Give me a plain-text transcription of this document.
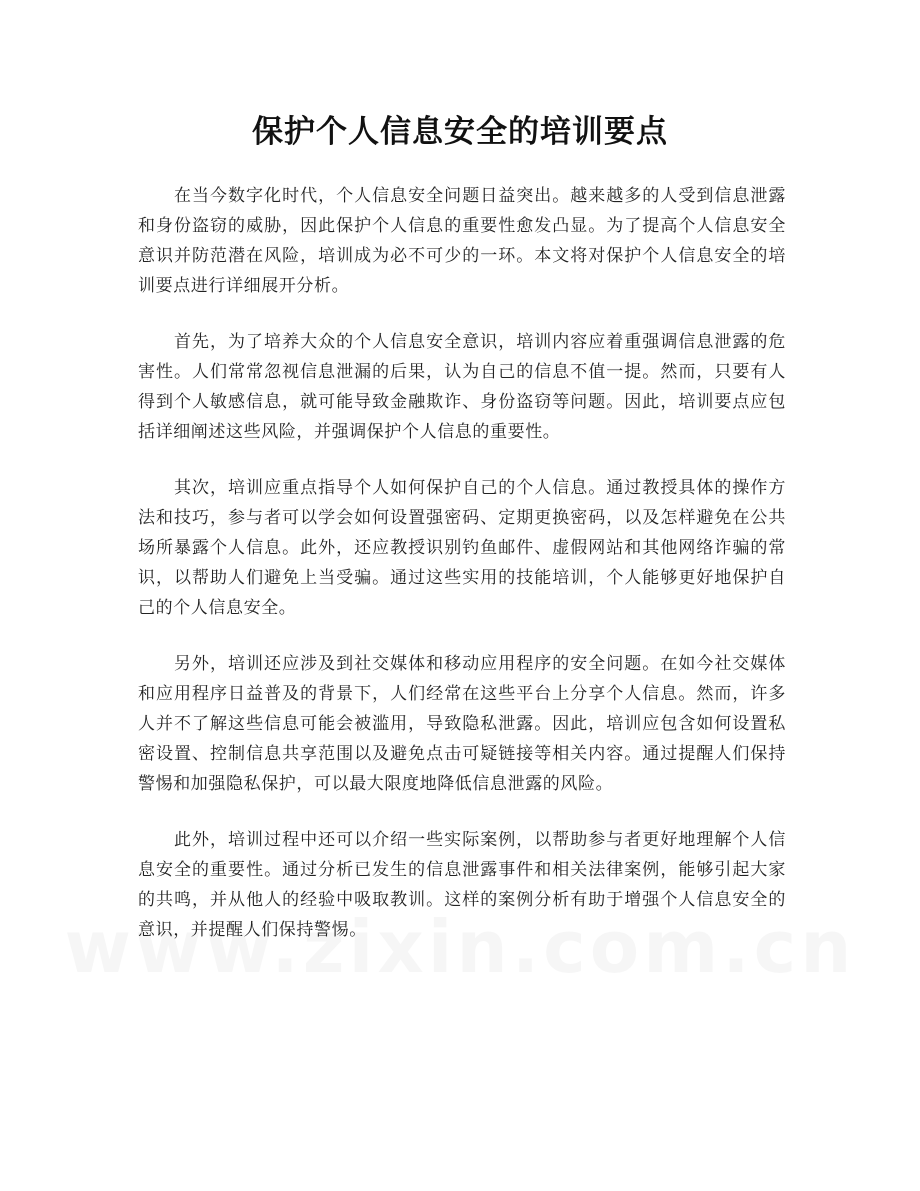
保护个人信息安全的培训要点

在当今数字化时代，个人信息安全问题日益突出。越来越多的人受到信息泄露和身份盗窃的威胁，因此保护个人信息的重要性愈发凸显。为了提高个人信息安全意识并防范潜在风险，培训成为必不可少的一环。本文将对保护个人信息安全的培训要点进行详细展开分析。

首先，为了培养大众的个人信息安全意识，培训内容应着重强调信息泄露的危害性。人们常常忽视信息泄漏的后果，认为自己的信息不值一提。然而，只要有人得到个人敏感信息，就可能导致金融欺诈、身份盗窃等问题。因此，培训要点应包括详细阐述这些风险，并强调保护个人信息的重要性。

其次，培训应重点指导个人如何保护自己的个人信息。通过教授具体的操作方法和技巧，参与者可以学会如何设置强密码、定期更换密码，以及怎样避免在公共场所暴露个人信息。此外，还应教授识别钓鱼邮件、虚假网站和其他网络诈骗的常识，以帮助人们避免上当受骗。通过这些实用的技能培训，个人能够更好地保护自己的个人信息安全。

另外，培训还应涉及到社交媒体和移动应用程序的安全问题。在如今社交媒体和应用程序日益普及的背景下，人们经常在这些平台上分享个人信息。然而，许多人并不了解这些信息可能会被滥用，导致隐私泄露。因此，培训应包含如何设置私密设置、控制信息共享范围以及避免点击可疑链接等相关内容。通过提醒人们保持警惕和加强隐私保护，可以最大限度地降低信息泄露的风险。

此外，培训过程中还可以介绍一些实际案例，以帮助参与者更好地理解个人信息安全的重要性。通过分析已发生的信息泄露事件和相关法律案例，能够引起大家的共鸣，并从他人的经验中吸取教训。这样的案例分析有助于增强个人信息安全的意识，并提醒人们保持警惕。
